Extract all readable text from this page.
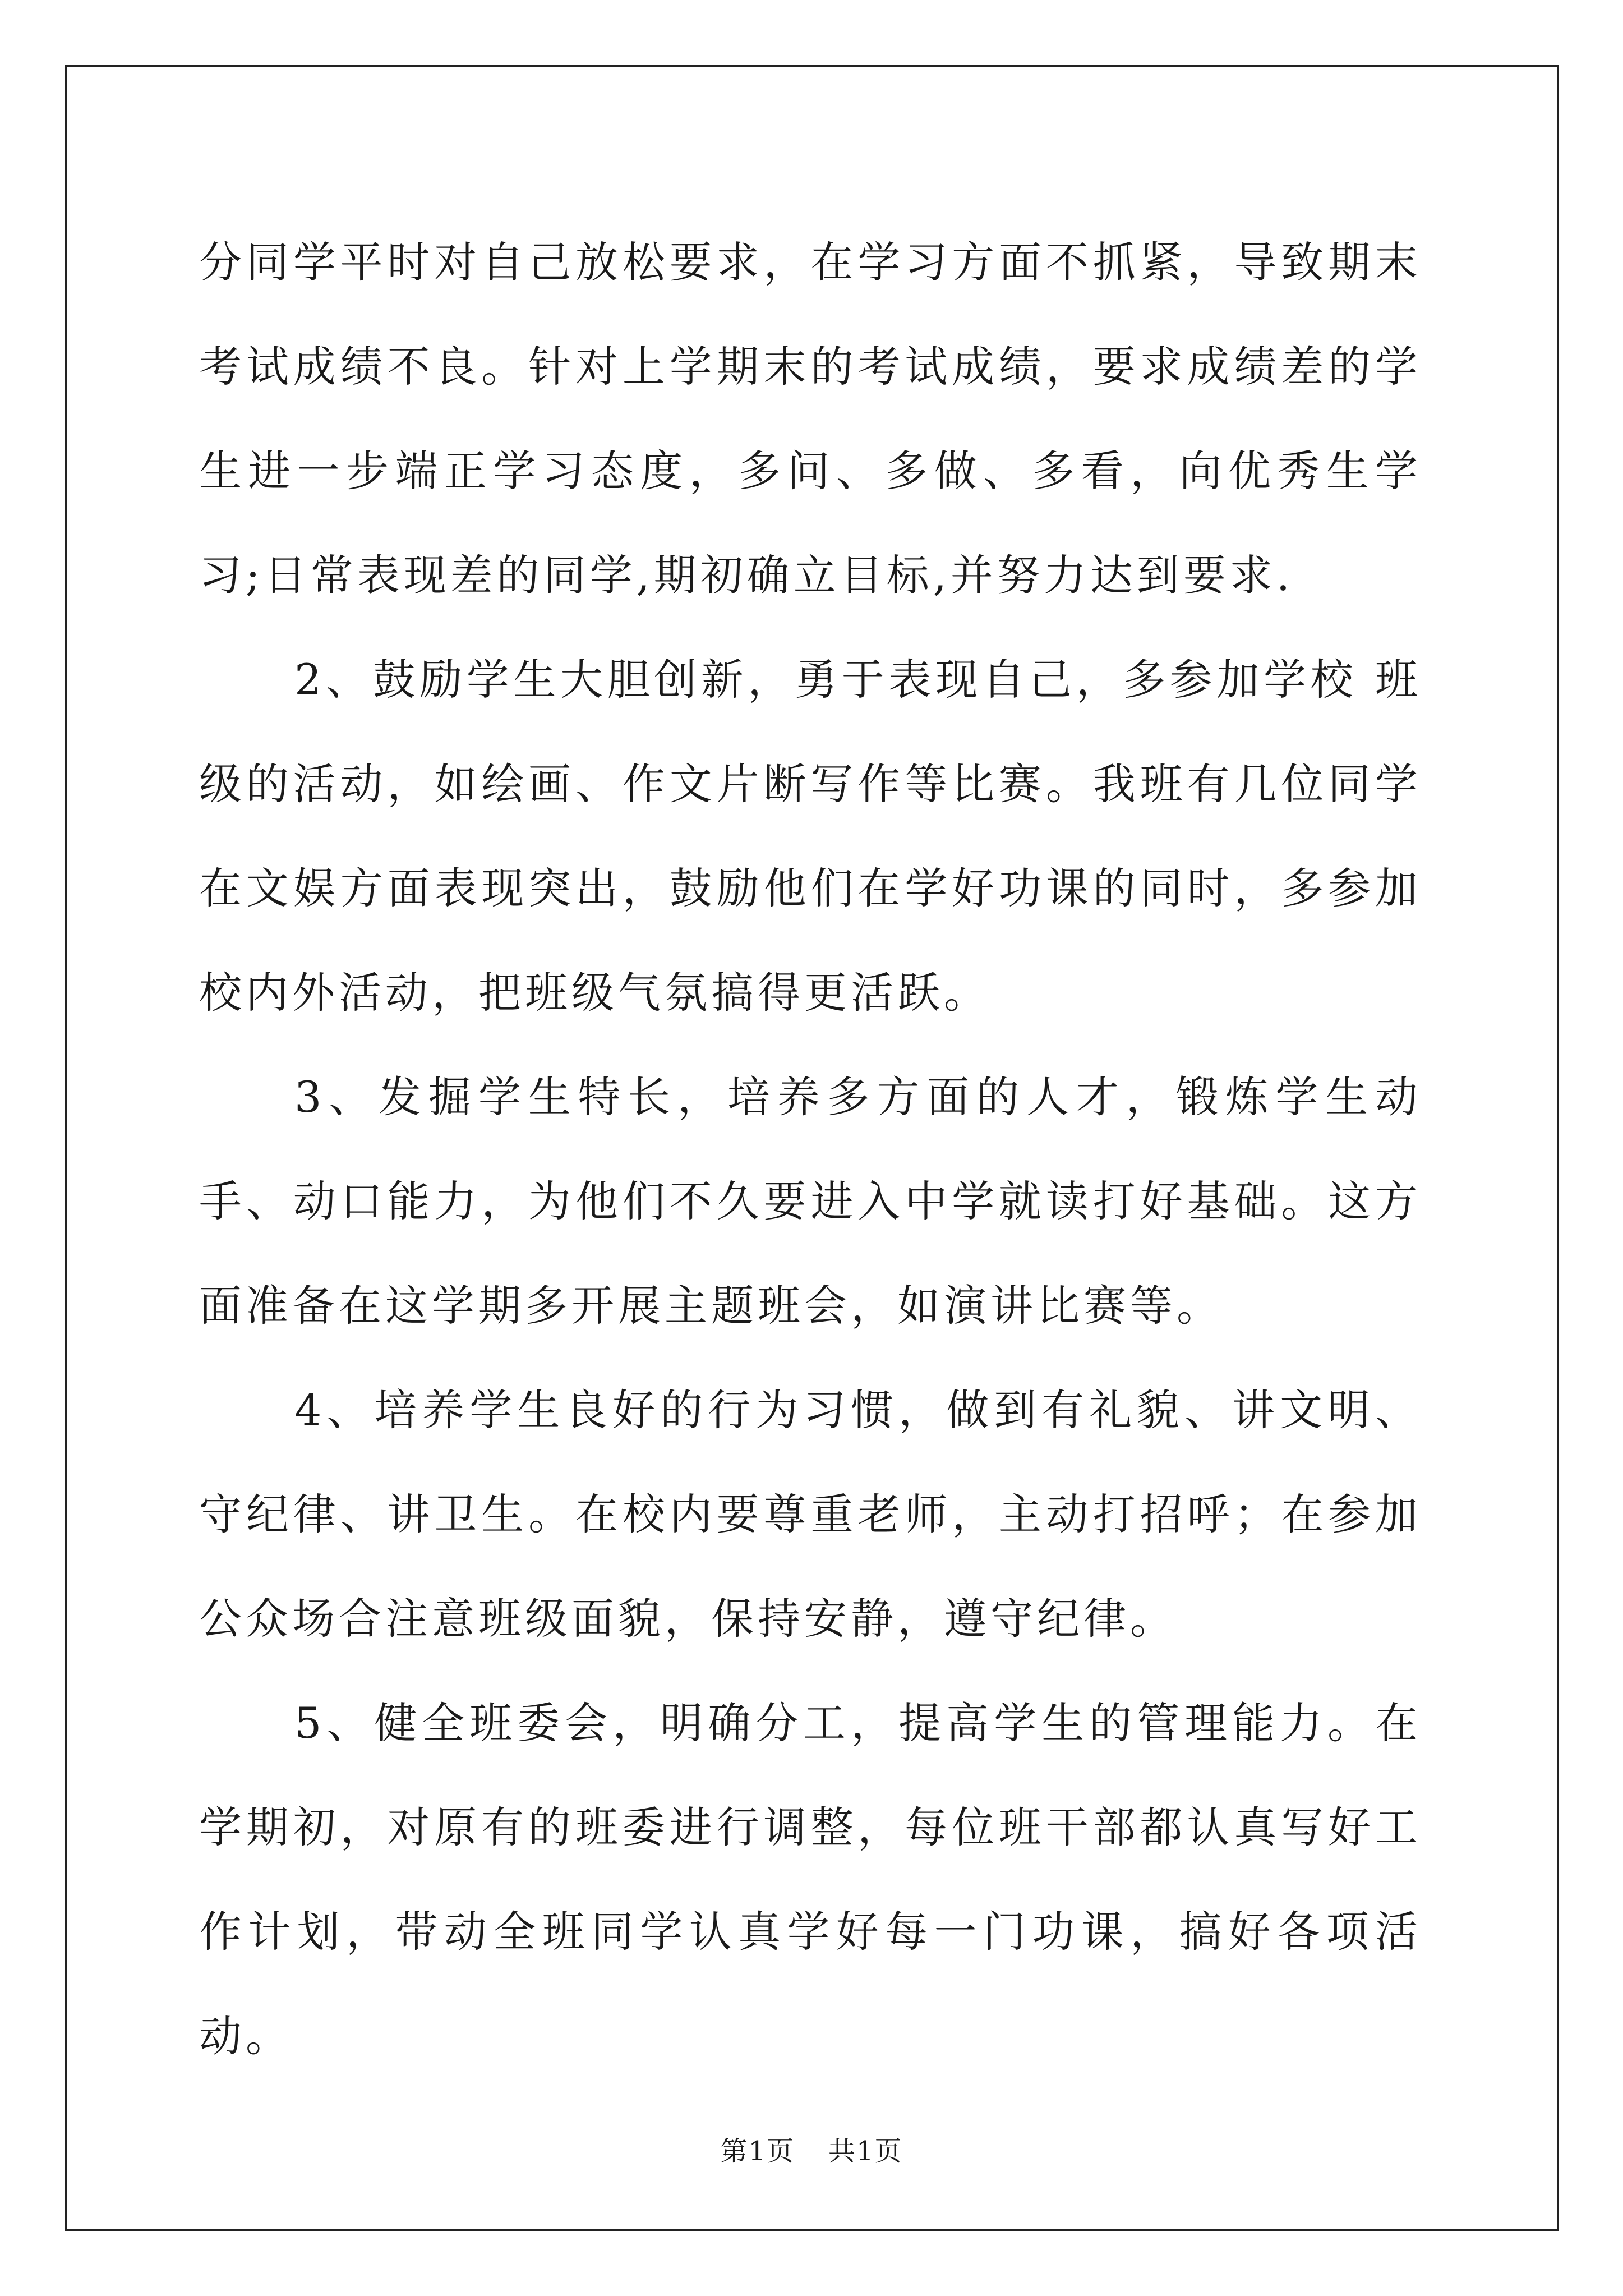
分同学平时对自己放松要求，在学习方面不抓紧，导致期末考试成绩不良。针对上学期末的考试成绩，要求成绩差的学生进一步端正学习态度，多问、多做、多看，向优秀生学习;日常表现差的同学,期初确立目标,并努力达到要求.

2、鼓励学生大胆创新，勇于表现自己，多参加学校 班级的活动，如绘画、作文片断写作等比赛。我班有几位同学在文娱方面表现突出，鼓励他们在学好功课的同时，多参加校内外活动，把班级气氛搞得更活跃。

3、发掘学生特长，培养多方面的人才，锻炼学生动手、动口能力，为他们不久要进入中学就读打好基础。这方面准备在这学期多开展主题班会，如演讲比赛等。

4、培养学生良好的行为习惯，做到有礼貌、讲文明、守纪律、讲卫生。在校内要尊重老师，主动打招呼；在参加公众场合注意班级面貌，保持安静，遵守纪律。

5、健全班委会，明确分工，提高学生的管理能力。在学期初，对原有的班委进行调整，每位班干部都认真写好工作计划，带动全班同学认真学好每一门功课，搞好各项活动。

第1页 共1页
